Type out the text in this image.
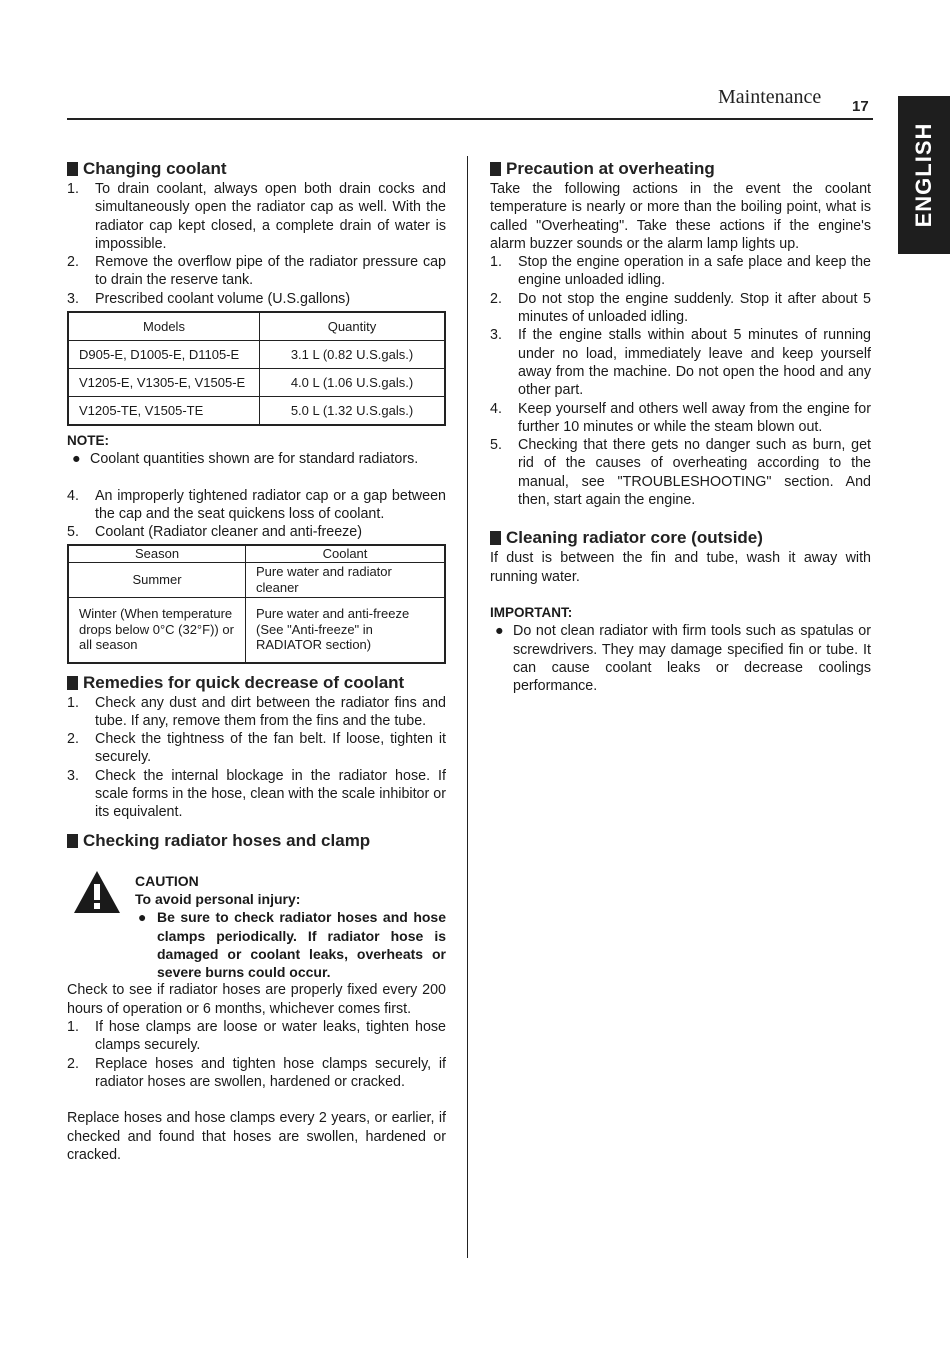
Maintenance 17
ENGLISH
Changing coolant
1. To drain coolant, always open both drain cocks and simultaneously open the radiator cap as well. With the radiator cap kept closed, a complete drain of water is impossible.
2. Remove the overflow pipe of the radiator pressure cap to drain the reserve tank.
3. Prescribed coolant volume (U.S.gallons)
Models	Quantity
D905-E, D1005-E, D1105-E	3.1 L (0.82 U.S.gals.)
V1205-E, V1305-E, V1505-E	4.0 L (1.06 U.S.gals.)
V1205-TE, V1505-TE	5.0 L (1.32 U.S.gals.)
NOTE:
● Coolant quantities shown are for standard radiators.
4. An improperly tightened radiator cap or a gap between the cap and the seat quickens loss of coolant.
5. Coolant (Radiator cleaner and anti-freeze)
Season	Coolant
Summer	Pure water and radiator cleaner
Winter (When temperature drops below 0°C (32°F)) or all season	Pure water and anti-freeze (See "Anti-freeze" in RADIATOR section)
Remedies for quick decrease of coolant
1. Check any dust and dirt between the radiator fins and tube. If any, remove them from the fins and the tube.
2. Check the tightness of the fan belt. If loose, tighten it securely.
3. Check the internal blockage in the radiator hose. If scale forms in the hose, clean with the scale inhibitor or its equivalent.
Checking radiator hoses and clamp
CAUTION
To avoid personal injury:
● Be sure to check radiator hoses and hose clamps periodically. If radiator hose is damaged or coolant leaks, overheats or severe burns could occur.

Check to see if radiator hoses are properly fixed every 200 hours of operation or 6 months, whichever comes first.

1. If hose clamps are loose or water leaks, tighten hose clamps securely.
2. Replace hoses and tighten hose clamps securely, if radiator hoses are swollen, hardened or cracked.

Replace hoses and hose clamps every 2 years, or earlier, if checked and found that hoses are swollen, hardened or cracked.

Precaution at overheating

Take the following actions in the event the coolant temperature is nearly or more than the boiling point, what is called "Overheating". Take these actions if the engine's alarm buzzer sounds or the alarm lamp lights up.

1. Stop the engine operation in a safe place and keep the engine unloaded idling.
2. Do not stop the engine suddenly. Stop it after about 5 minutes of unloaded idling.
3. If the engine stalls within about 5 minutes of running under no load, immediately leave and keep yourself away from the machine. Do not open the hood and any other part.
4. Keep yourself and others well away from the engine for further 10 minutes or while the steam blown out.
5. Checking that there gets no danger such as burn, get rid of the causes of overheating according to the manual, see "TROUBLESHOOTING" section. And then, start again the engine.
Cleaning radiator core (outside)

If dust is between the fin and tube, wash it away with running water.

IMPORTANT:
● Do not clean radiator with firm tools such as spatulas or screwdrivers. They may damage specified fin or tube. It can cause coolant leaks or decrease coolings performance.
